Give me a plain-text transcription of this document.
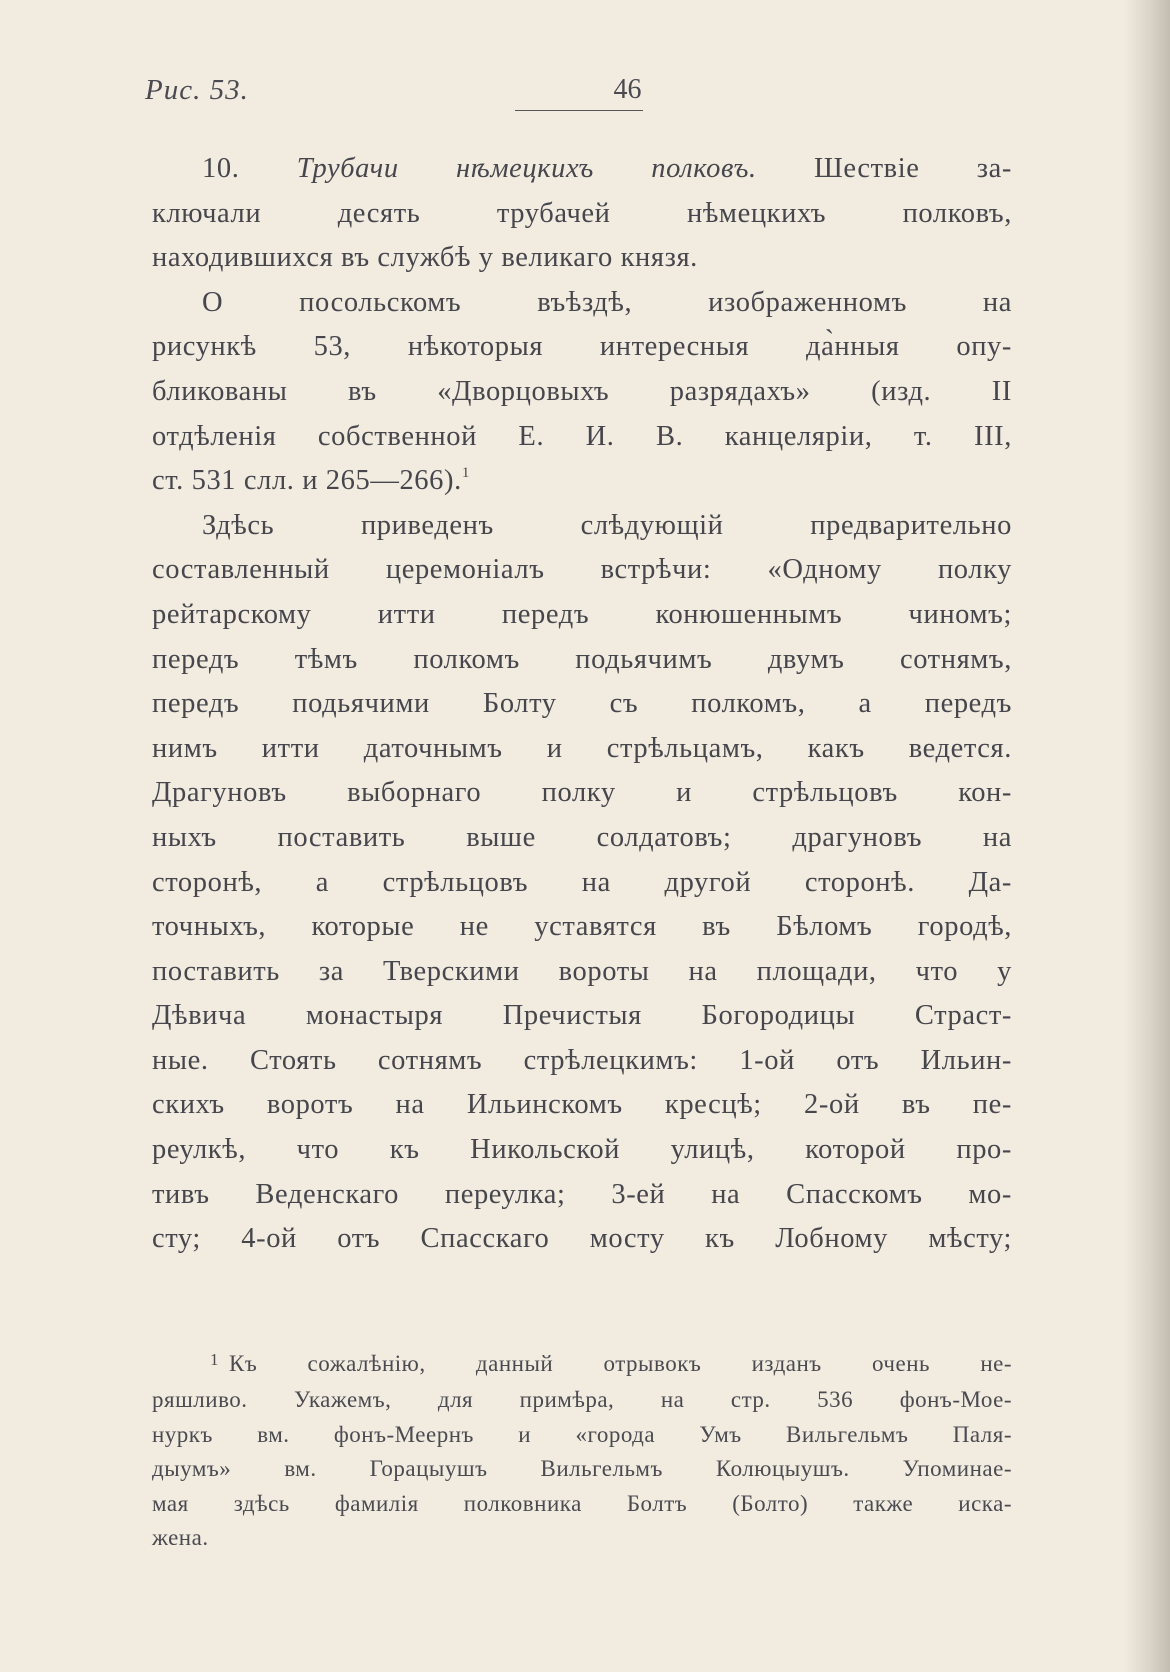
Рис. 53.	46
10. Трубачи нѣмецкихъ полковъ. Шествіе за-
ключали десять трубачей нѣмецкихъ полковъ,
находившихся въ службѣ у великаго князя.
О посольскомъ въѣздѣ, изображенномъ на
рисункѣ 53, нѣкоторыя интересныя да̀нныя опу-
бликованы въ «Дворцовыхъ разрядахъ» (изд. II
отдѣленія собственной Е. И. В. канцеляріи, т. III,
ст. 531 слл. и 265—266).$^1$
Здѣсь приведенъ слѣдующій предварительно
составленный церемоніалъ встрѣчи: «Одному полку
рейтарскому итти передъ конюшеннымъ чиномъ;
передъ тѣмъ полкомъ подьячимъ двумъ сотнямъ,
передъ подьячими Болту съ полкомъ, а передъ
нимъ итти даточнымъ и стрѣльцамъ, какъ ведется.
Драгуновъ выборнаго полку и стрѣльцовъ кон-
ныхъ поставить выше солдатовъ; драгуновъ на
сторонѣ, а стрѣльцовъ на другой сторонѣ. Да-
точныхъ, которые не уставятся въ Бѣломъ городѣ,
поставить за Тверскими вороты на площади, что у
Дѣвича монастыря Пречистыя Богородицы Страст-
ные. Стоять сотнямъ стрѣлецкимъ: 1-ой отъ Ильин-
скихъ воротъ на Ильинскомъ кресцѣ; 2-ой въ пе-
реулкѣ, что къ Никольской улицѣ, которой про-
тивъ Веденскаго переулка; 3-ей на Спасскомъ мо-
сту; 4-ой отъ Спасскаго мосту къ Лобному мѣсту;
$^1$ Къ сожалѣнію, данный отрывокъ изданъ очень не-
ряшливо. Укажемъ, для примѣра, на стр. 536 фонъ-Мое-
нуркъ вм. фонъ-Меернъ и «города Умъ Вильгельмъ Паля-
дыумъ» вм. Горацыушъ Вильгельмъ Колюцыушъ. Упоминае-
мая здѣсь фамилія полковника Болтъ (Болто) также иска-
жена.
